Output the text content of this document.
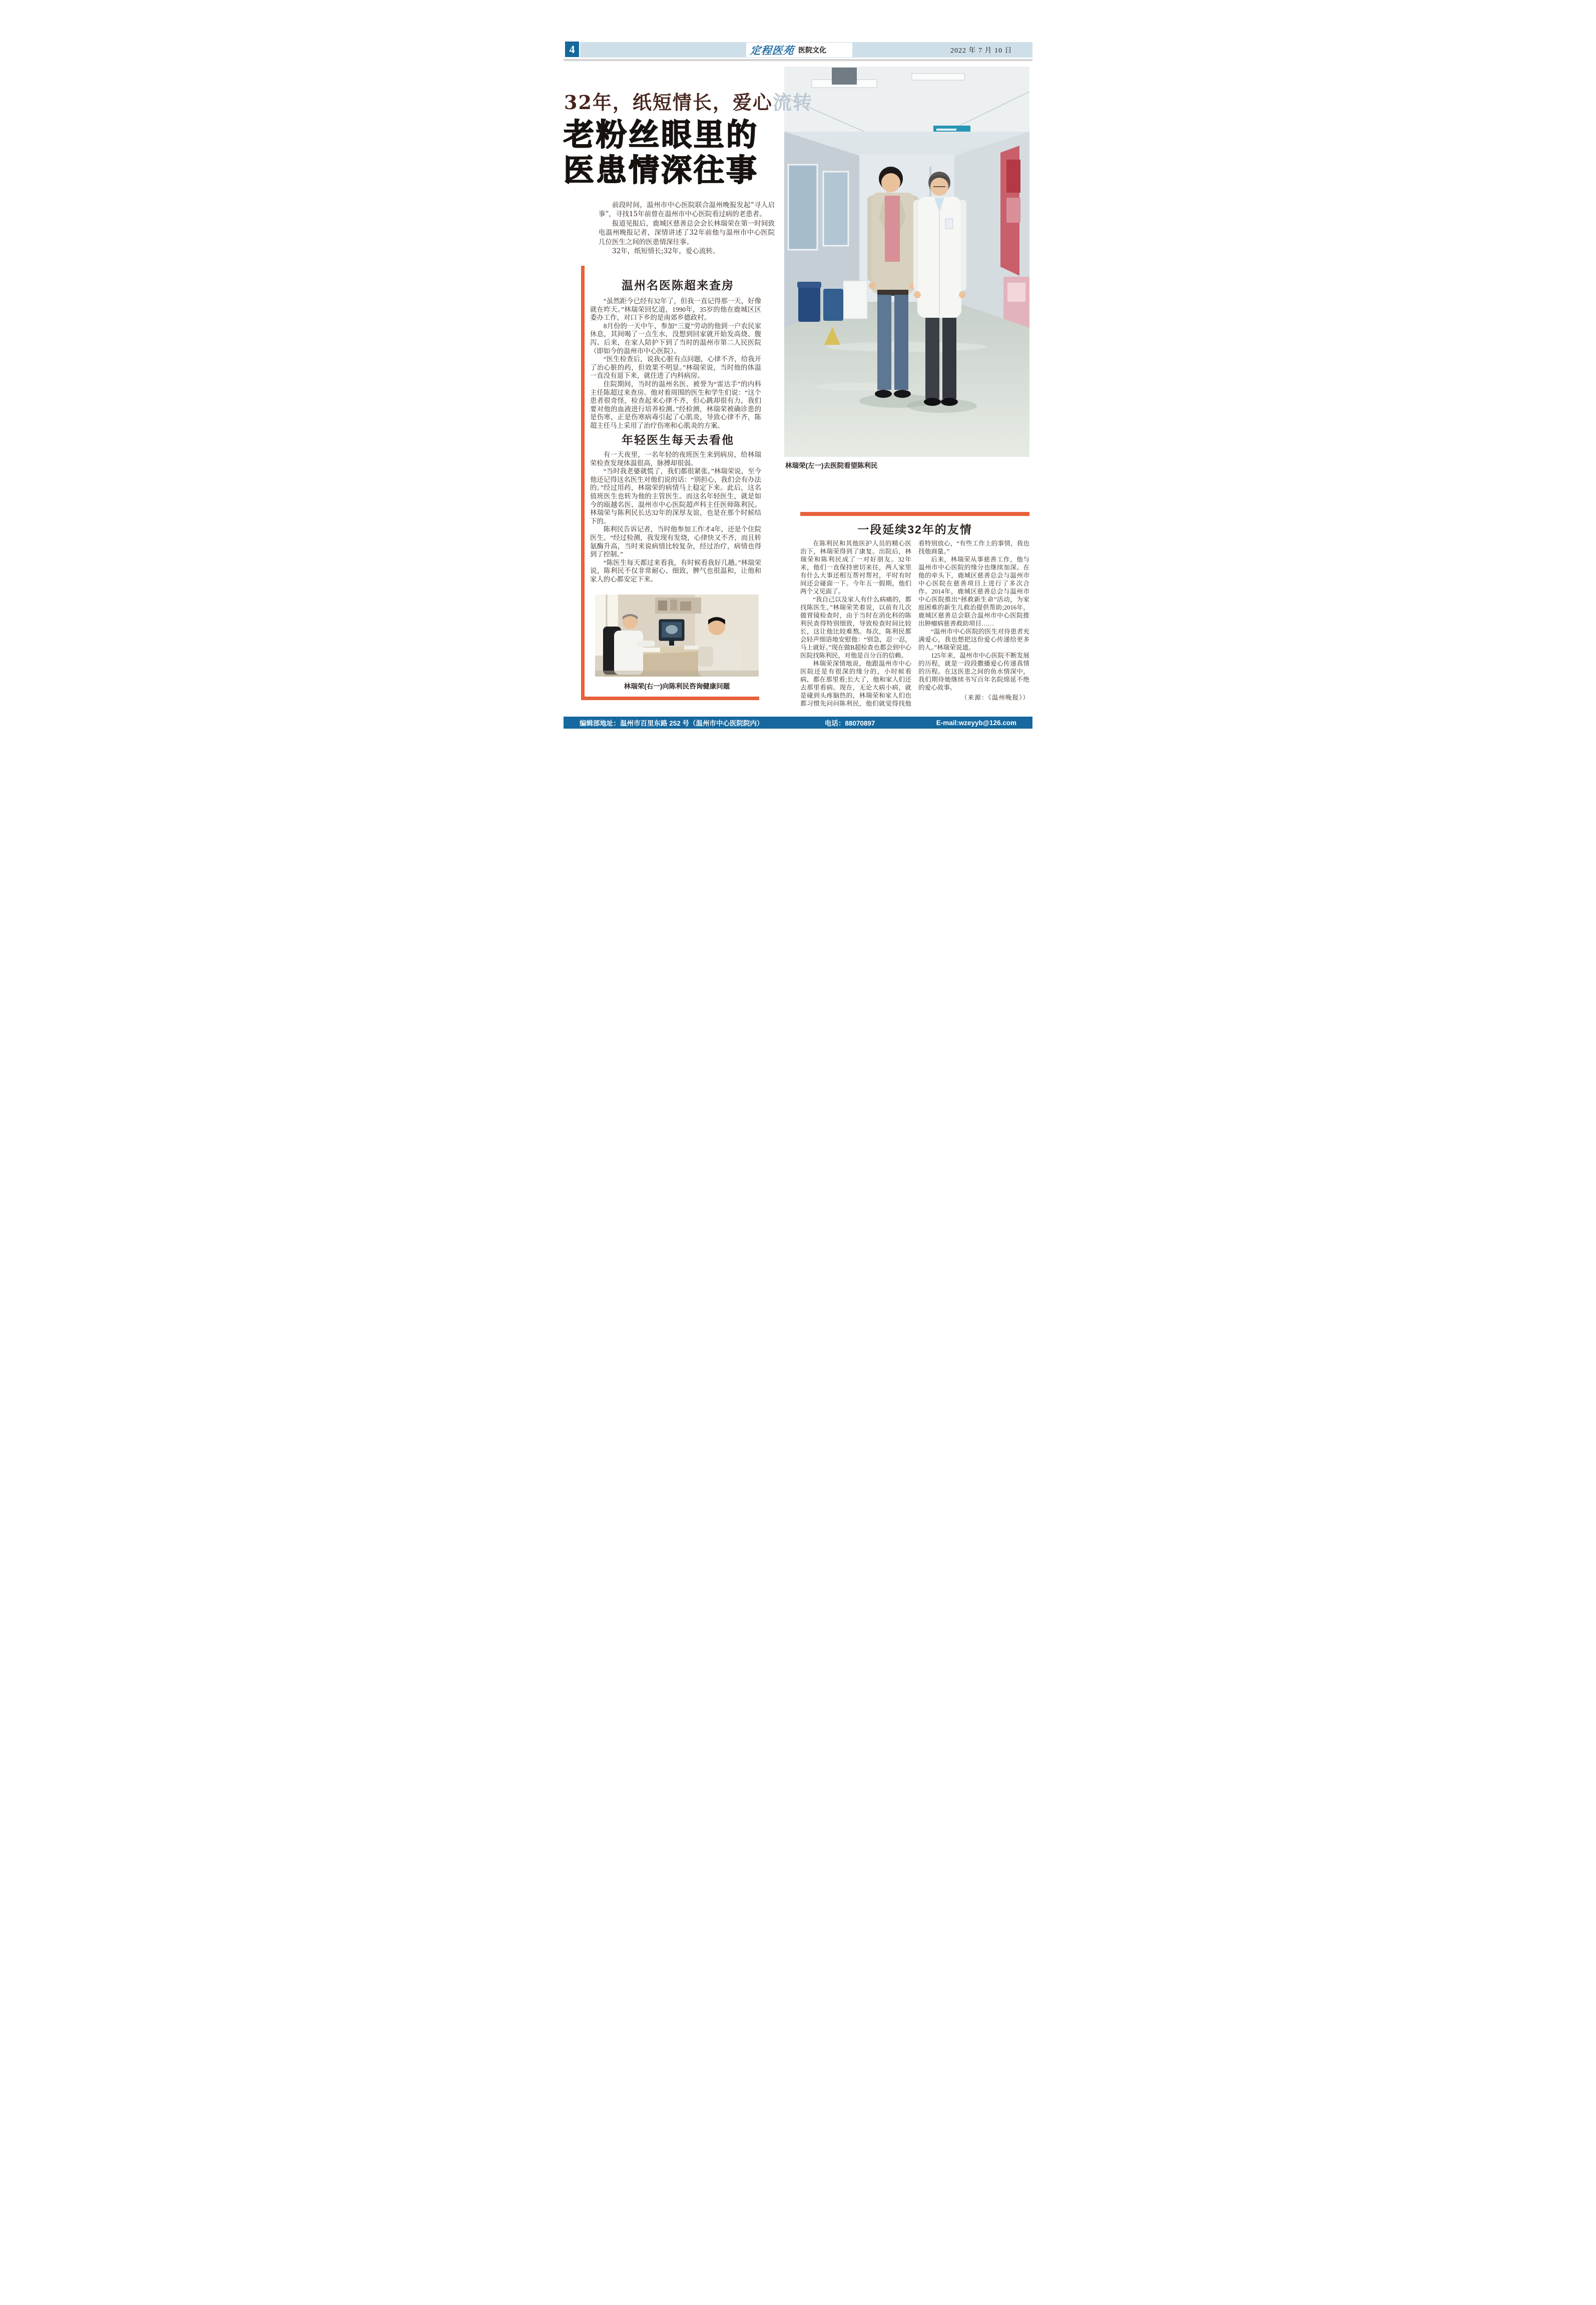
4	定程医苑 医院文化	2022 年 7 月 10 日
林瑞荣(左一)去医院看望陈利民
32年，纸短情长，爱心流转
老粉丝眼里的
医患情深往事

前段时间，温州市中心医院联合温州晚报发起“寻人启事”，寻找15年前曾在温州市中心医院看过病的老患者。

报道见报后，鹿城区慈善总会会长林瑞荣在第一时间致电温州晚报记者，深情讲述了32年前他与温州市中心医院几位医生之间的医患情深往事。

32年，纸短情长;32年，爱心流转。

温州名医陈超来查房

“虽然距今已经有32年了，但我一直记得那一天，好像就在昨天。”林瑞荣回忆道，1990年，35岁的他在鹿城区区委办工作，对口下乡的是南郊乡德政村。

8月份的一天中午，参加“三夏”劳动的他到一户农民家休息，其间喝了一点生水，没想到回家就开始发高烧、腹泻。后来，在家人陪护下到了当时的温州市第二人民医院（即如今的温州市中心医院）。

“医生检查后，说我心脏有点问题，心律不齐，给我开了治心脏的药，但效果不明显。”林瑞荣说，当时他的体温一直没有退下来，就住进了内科病房。

住院期间，当时的温州名医、被誉为“雷达手”的内科主任陈超过来查房。他对着周围的医生和学生们说：“这个患者很奇怪，检查起来心律不齐，但心跳却很有力，我们要对他的血液进行培养检测。”经检测，林瑞荣被确诊患的是伤寒，正是伤寒病毒引起了心肌炎，导致心律不齐，陈超主任马上采用了治疗伤寒和心肌炎的方案。

年轻医生每天去看他

有一天夜里，一名年轻的夜班医生来到病房，给林瑞荣检查发现体温很高，脉搏却很弱。

“当时我老婆就慌了，我们都很紧张。”林瑞荣说，至今他还记得这名医生对他们说的话：“别担心，我们会有办法的。”经过用药，林瑞荣的病情马上稳定下来。此后，这名值班医生也转为他的主管医生。而这名年轻医生，就是如今的瓯越名医、温州市中心医院超声科主任医师陈利民。林瑞荣与陈利民长达32年的深厚友谊，也是在那个时候结下的。

陈利民告诉记者，当时他参加工作才4年，还是个住院医生。“经过检测，我发现有发烧，心律快又不齐，而且转氨酶升高，当时来说病情比较复杂，经过治疗，病情也得到了控制。”

“陈医生每天都过来看我，有时候看我好几趟。”林瑞荣说，陈利民不仅非常耐心、细致，脾气也很温和，让他和家人的心都安定下来。

一段延续32年的友情

在陈利民和其他医护人员的精心医治下，林瑞荣得到了康复。出院后，林瑞荣和陈利民成了一对好朋友。32年来，他们一直保持密切来往，两人家里有什么大事还相互帮衬帮衬，平时有时间还会碰面一下。今年五一假期，他们两个又见面了。

“我自己以及家人有什么病痛的，都找陈医生。”林瑞荣笑着说，以前有几次做胃镜检查时，由于当时在消化科的陈利民查得特别细致，导致检查时间比较长，这让他比较难熬。每次，陈利民都会轻声细语地安慰他：“别急，忍一忍，马上就好。”现在做B超检查也都会到中心医院找陈利民，对他是百分百的信赖。

林瑞荣深情地说，他跟温州市中心医院还是有很深的缘分的，小时候看病，都在那里看;长大了，他和家人们还去那里看病。现在，无论大病小病，就是碰到头疼脑热的，林瑞荣和家人们也都习惯先问问陈利民，他们就觉得找他看特别放心，“有些工作上的事情，我也找他商量。”

后来，林瑞荣从事慈善工作，他与温州市中心医院的缘分也继续加深。在他的牵头下，鹿城区慈善总会与温州市中心医院在慈善项目上进行了多次合作。2014年，鹿城区慈善总会与温州市中心医院推出“拯救新生命”活动，为家庭困难的新生儿救治提供帮助;2016年，鹿城区慈善总会联合温州市中心医院推出肿瘤病慈善救助项目……

“温州市中心医院的医生对待患者充满爱心，我也想把这份爱心传递给更多的人。”林瑞荣说道。

125年来，温州市中心医院不断发展的历程，就是一段段撒播爱心传递真情的历程。在这医患之间的鱼水情深中，我们期待她继续书写百年名院绵延不绝的爱心故事。

（来源：《温州晚报》）

林瑞荣(右一)向陈利民咨询健康问题
编辑部地址：温州市百里东路 252 号（温州市中心医院院内）	电话：88070897	E-mail:wzeyyb@126.com
